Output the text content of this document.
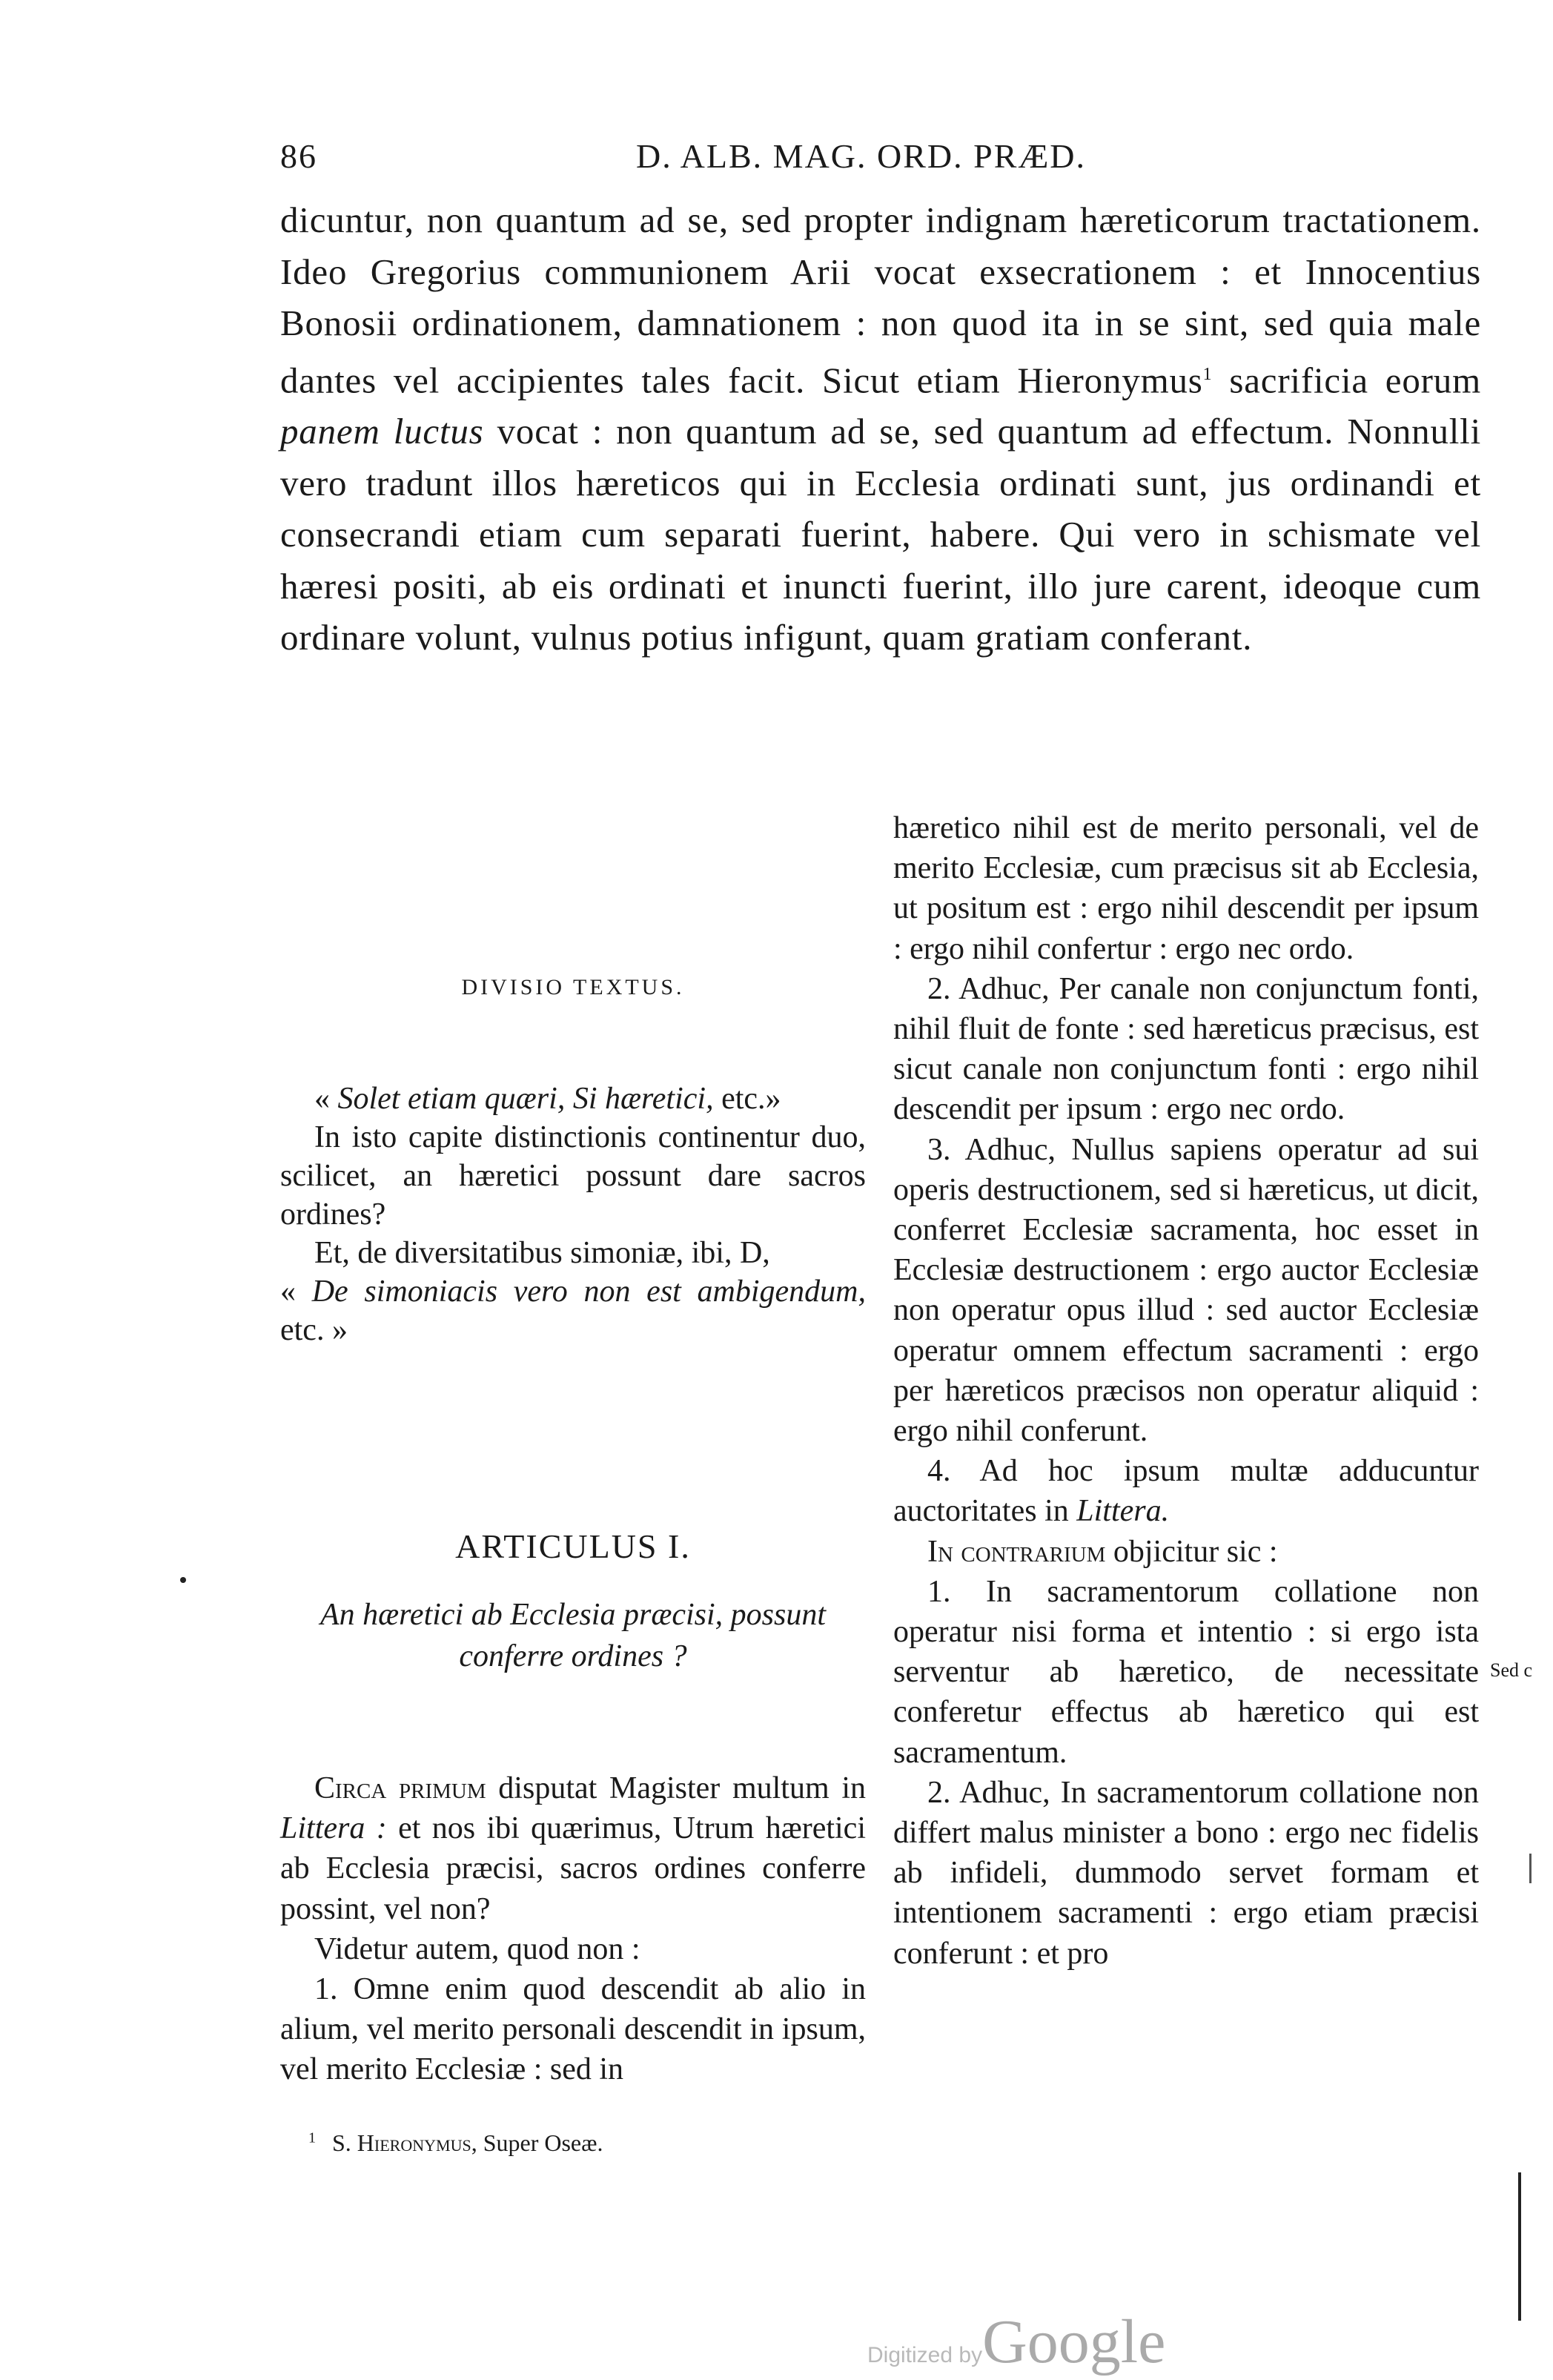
86	D. ALB. MAG. ORD. PRÆD.

dicuntur, non quantum ad se, sed propter indignam hæreticorum tractationem. Ideo Gregorius communionem Arii vocat exsecrationem : et Innocentius Bonosii ordinationem, damnationem : non quod ita in se sint, sed quia male dantes vel accipientes tales facit. Sicut etiam Hieronymus$^1$ sacrificia eorum panem luctus vocat : non quantum ad se, sed quantum ad effectum. Nonnulli vero tradunt illos hæreticos qui in Ecclesia ordinati sunt, jus ordinandi et consecrandi etiam cum separati fuerint, habere. Qui vero in schismate vel hæresi positi, ab eis ordinati et inuncti fuerint, illo jure carent, ideoque cum ordinare volunt, vulnus potius infigunt, quam gratiam conferant.

DIVISIO TEXTUS.

« Solet etiam quæri, Si hæretici, etc.»

In isto capite distinctionis continentur duo, scilicet, an hæretici possunt dare sacros ordines?

Et, de diversitatibus simoniæ, ibi, D,
« De simoniacis vero non est ambigendum, etc. »

ARTICULUS I.

An hæretici ab Ecclesia præcisi, possunt conferre ordines ?

Circa primum disputat Magister multum in Littera : et nos ibi quærimus, Utrum hæretici ab Ecclesia præcisi, sacros ordines conferre possint, vel non?

Videtur autem, quod non :

1. Omne enim quod descendit ab alio in alium, vel merito personali descendit in ipsum, vel merito Ecclesiæ : sed in

hæretico nihil est de merito personali, vel de merito Ecclesiæ, cum præcisus sit ab Ecclesia, ut positum est : ergo nihil descendit per ipsum : ergo nihil confertur : ergo nec ordo.

2. Adhuc, Per canale non conjunctum fonti, nihil fluit de fonte : sed hæreticus præcisus, est sicut canale non conjunctum fonti : ergo nihil descendit per ipsum : ergo nec ordo.

3. Adhuc, Nullus sapiens operatur ad sui operis destructionem, sed si hæreticus, ut dicit, conferret Ecclesiæ sacramenta, hoc esset in Ecclesiæ destructionem : ergo auctor Ecclesiæ non operatur opus illud : sed auctor Ecclesiæ operatur omnem effectum sacramenti : ergo per hæreticos præcisos non operatur aliquid : ergo nihil conferunt.

4. Ad hoc ipsum multæ adducuntur auctoritates in Littera.

In contrarium objicitur sic :

1. In sacramentorum collatione non operatur nisi forma et intentio : si ergo ista serventur ab hæretico, de necessitate conferetur effectus ab hæretico qui est sacramentum.

2. Adhuc, In sacramentorum collatione non differt malus minister a bono : ergo nec fidelis ab infideli, dummodo servet formam et intentionem sacramenti : ergo etiam præcisi conferunt : et pro

Sed c
$^1$ S. Hieronymus, Super Oseæ.
Digitized byGoogle
